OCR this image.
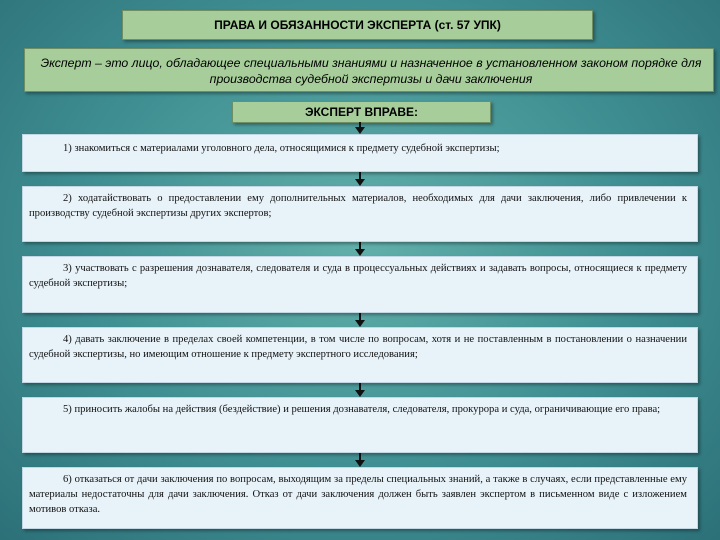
ПРАВА И ОБЯЗАННОСТИ ЭКСПЕРТА (ст. 57 УПК)
Эксперт – это лицо, обладающее специальными знаниями и назначенное в установленном законом порядке для производства судебной экспертизы и дачи заключения
ЭКСПЕРТ ВПРАВЕ:
1) знакомиться с материалами уголовного дела, относящимися к предмету судебной экспертизы;
2) ходатайствовать о предоставлении ему дополнительных материалов, необходимых для дачи заключения, либо привлечении к производству судебной экспертизы других экспертов;
3) участвовать с разрешения дознавателя, следователя и суда в процессуальных действиях и задавать вопросы, относящиеся к предмету судебной экспертизы;
4) давать заключение в пределах своей компетенции, в том числе по вопросам, хотя и не поставленным в постановлении о назначении судебной экспертизы, но имеющим отношение к предмету экспертного исследования;
5) приносить жалобы на действия (бездействие) и решения дознавателя, следователя, прокурора и суда, ограничивающие его права;
6) отказаться от дачи заключения по вопросам, выходящим за пределы специальных знаний, а также в случаях, если представленные ему материалы недостаточны для дачи заключения. Отказ от дачи заключения должен быть заявлен экспертом в письменном виде с изложением мотивов отказа.
